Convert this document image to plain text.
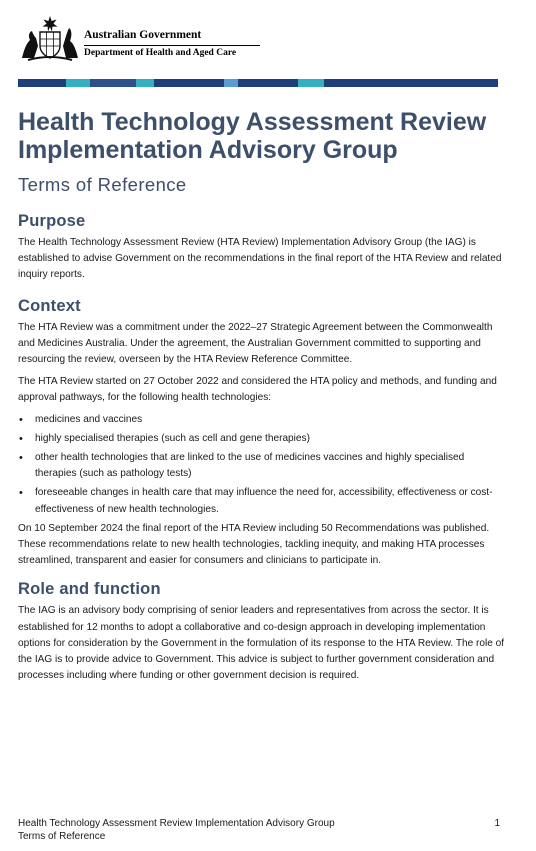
Australian Government
Department of Health and Aged Care
Health Technology Assessment Review
Implementation Advisory Group
Terms of Reference
Purpose

The Health Technology Assessment Review (HTA Review) Implementation Advisory Group (the IAG) is established to advise Government on the recommendations in the final report of the HTA Review and related inquiry reports.

Context

The HTA Review was a commitment under the 2022–27 Strategic Agreement between the Commonwealth and Medicines Australia. Under the agreement, the Australian Government committed to supporting and resourcing the review, overseen by the HTA Review Reference Committee.

The HTA Review started on 27 October 2022 and considered the HTA policy and methods, and funding and approval pathways, for the following health technologies:

• medicines and vaccines
• highly specialised therapies (such as cell and gene therapies)
• other health technologies that are linked to the use of medicines vaccines and highly specialised therapies (such as pathology tests)
• foreseeable changes in health care that may influence the need for, accessibility, effectiveness or cost-effectiveness of new health technologies.

On 10 September 2024 the final report of the HTA Review including 50 Recommendations was published. These recommendations relate to new health technologies, tackling inequity, and making HTA processes streamlined, transparent and easier for consumers and clinicians to participate in.

Role and function

The IAG is an advisory body comprising of senior leaders and representatives from across the sector. It is established for 12 months to adopt a collaborative and co-design approach in developing implementation options for consideration by the Government in the formulation of its response to the HTA Review. The role of the IAG is to provide advice to Government. This advice is subject to further government consideration and processes including where funding or other government decision is required.

Health Technology Assessment Review Implementation Advisory Group
Terms of Reference
1
